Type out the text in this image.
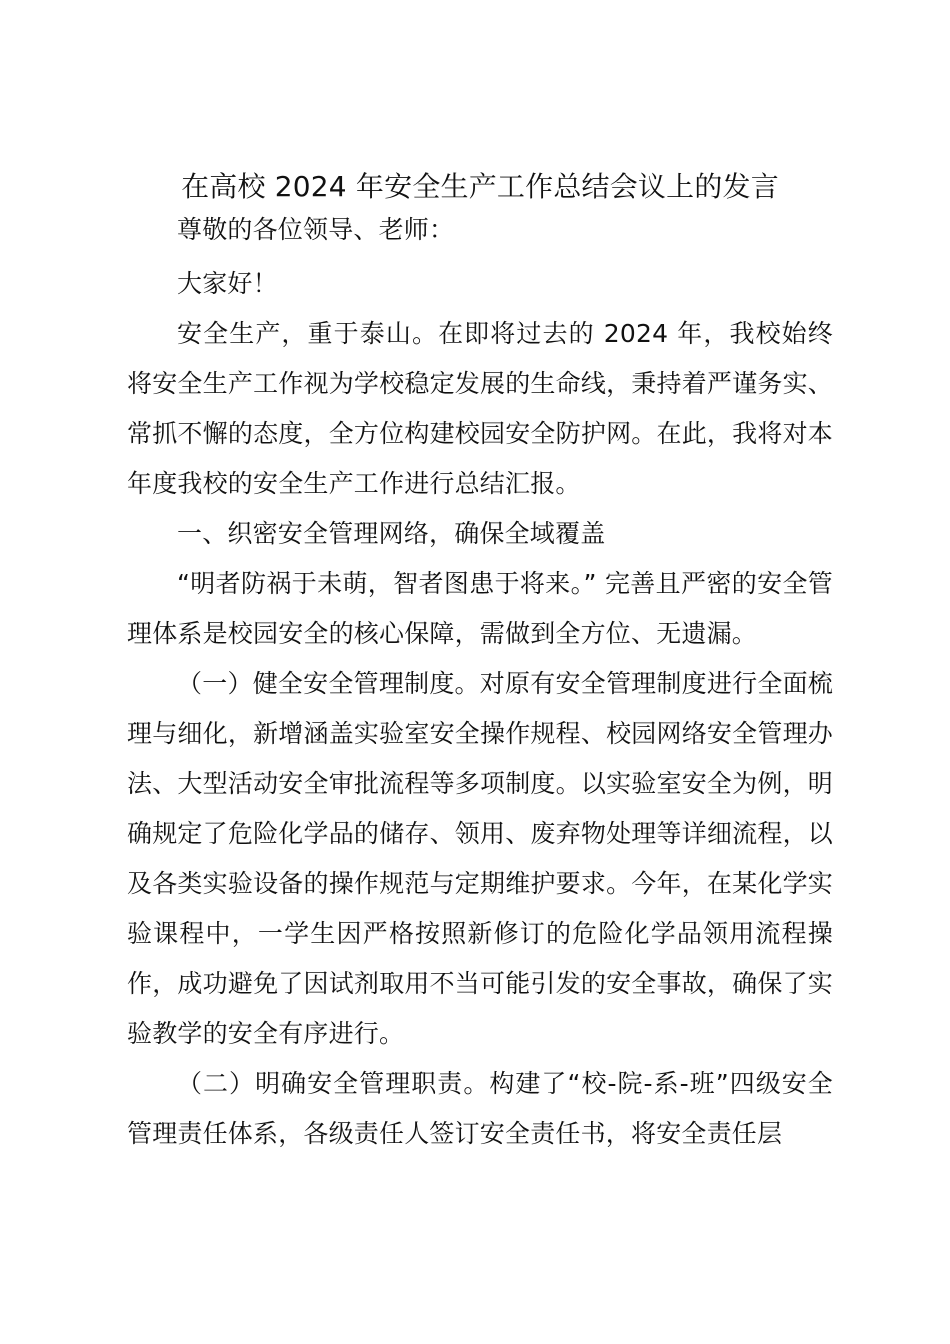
在高校 2024 年安全生产工作总结会议上的发言

尊敬的各位领导、老师：

大家好！

安全生产，重于泰山。在即将过去的 2024 年，我校始终将安全生产工作视为学校稳定发展的生命线，秉持着严谨务实、常抓不懈的态度，全方位构建校园安全防护网。在此，我将对本年度我校的安全生产工作进行总结汇报。

一、织密安全管理网络，确保全域覆盖

“明者防祸于未萌，智者图患于将来。” 完善且严密的安全管理体系是校园安全的核心保障，需做到全方位、无遗漏。

（一）健全安全管理制度。对原有安全管理制度进行全面梳理与细化，新增涵盖实验室安全操作规程、校园网络安全管理办法、大型活动安全审批流程等多项制度。以实验室安全为例，明确规定了危险化学品的储存、领用、废弃物处理等详细流程，以及各类实验设备的操作规范与定期维护要求。今年，在某化学实验课程中，一学生因严格按照新修订的危险化学品领用流程操作，成功避免了因试剂取用不当可能引发的安全事故，确保了实验教学的安全有序进行。

（二）明确安全管理职责。构建了“校-院-系-班”四级安全管理责任体系，各级责任人签订安全责任书，将安全责任层
